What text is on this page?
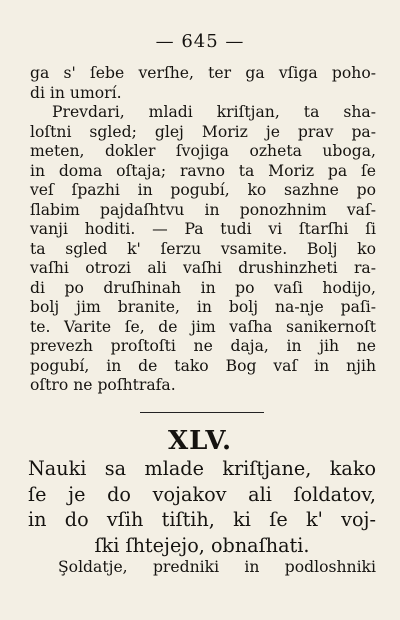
— 645 —
ga s' ſebe verſhe, ter ga vſiga poho-
di in umorí.
Prevdari, mladi kriſtjan, ta sha-
loſtni sgled; glej Moriz je prav pa-
meten, dokler ſvojiga ozheta uboga,
in doma oſtaja; ravno ta Moriz pa ſe
veſ ſpazhi in pogubí, ko sazhne po
ſlabim pajdaſhtvu in ponozhnim vaſ-
vanji hoditi. — Pa tudi vi ſtarſhi ſi
ta sgled k' ſerzu vsamite. Bolj ko
vaſhi otrozi ali vaſhi drushinzheti ra-
di po druſhinah in po vaſi hodijo,
bolj jim branite, in bolj na-nje paſi-
te. Varite ſe, de jim vaſha sanikernoſt
prevezh proſtoſti ne daja, in jih ne
pogubí, in de tako Bog vaſ in njih
oſtro ne poſhtrafa.
XLV.
Nauki sa mlade kriſtjane, kako
ſe je do vojakov ali ſoldatov,
in do vſih tiſtih, ki ſe k' voj-
ſki ſhtejejo, obnaſhati.
Şoldatje, predniki in podloshniki
